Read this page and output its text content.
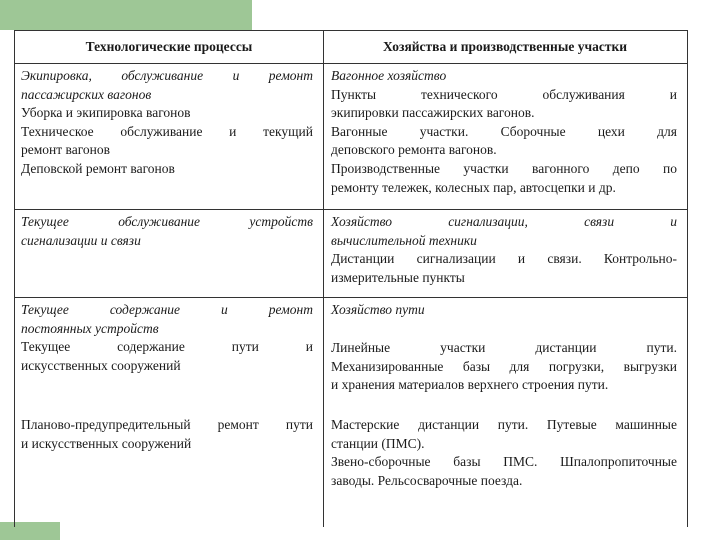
Технологические процессы	Хозяйства и производственные участки

Экипировка, обслуживание и ремонт

пассажирских вагонов

Уборка и экипировка вагонов

Техническое обслуживание и текущий

ремонт вагонов

Деповской ремонт вагонов

Вагонное хозяйство

Пункты технического обслуживания и

экипировки пассажирских вагонов.

Вагонные участки. Сборочные цехи для

деповского ремонта вагонов.

Производственные участки вагонного депо по

ремонту тележек, колесных пар, автосцепки и др.

Текущее обслуживание устройств

сигнализации и связи

Хозяйство сигнализации, связи и

вычислительной техники

Дистанции сигнализации и связи. Контрольно-

измерительные пункты

Текущее содержание и ремонт

постоянных устройств

Текущее содержание пути и

искусственных сооружений

Планово-предупредительный ремонт пути

и искусственных сооружений

Хозяйство пути

Линейные участки дистанции пути.

Механизированные базы для погрузки, выгрузки

и хранения материалов верхнего строения пути.

Мастерские дистанции пути. Путевые машинные

станции (ПМС).

Звено-сборочные базы ПМС. Шпалопропиточные

заводы. Рельсосварочные поезда.
